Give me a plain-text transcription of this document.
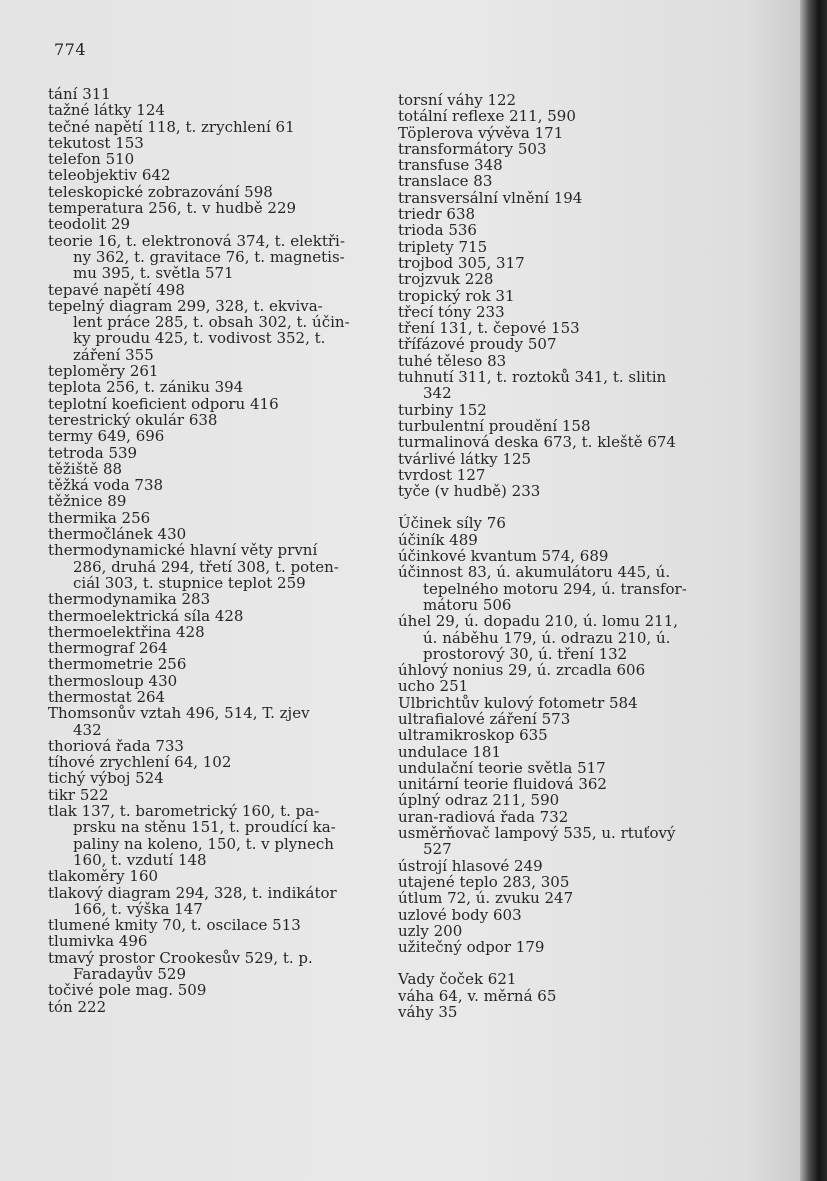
774
tání 311
tažné látky 124
tečné napětí 118, t. zrychlení 61
tekutost 153
telefon 510
teleobjektiv 642
teleskopické zobrazování 598
temperatura 256, t. v hudbě 229
teodolit 29
teorie 16, t. elektronová 374, t. elektři-
ny 362, t. gravitace 76, t. magnetis-
mu 395, t. světla 571
tepavé napětí 498
tepelný diagram 299, 328, t. ekviva-
lent práce 285, t. obsah 302, t. účin-
ky proudu 425, t. vodivost 352, t.
záření 355
teploměry 261
teplota 256, t. zániku 394
teplotní koeficient odporu 416
terestrický okulár 638
termy 649, 696
tetroda 539
těžiště 88
těžká voda 738
těžnice 89
thermika 256
thermočlánek 430
thermodynamické hlavní věty první
286, druhá 294, třetí 308, t. poten-
ciál 303, t. stupnice teplot 259
thermodynamika 283
thermoelektrická síla 428
thermoelektřina 428
thermograf 264
thermometrie 256
thermosloup 430
thermostat 264
Thomsonův vztah 496, 514, T. zjev
432
thoriová řada 733
tíhové zrychlení 64, 102
tichý výboj 524
tikr 522
tlak 137, t. barometrický 160, t. pa-
prsku na stěnu 151, t. proudící ka-
paliny na koleno, 150, t. v plynech
160, t. vzdutí 148
tlakoměry 160
tlakový diagram 294, 328, t. indikátor
166, t. výška 147
tlumené kmity 70, t. oscilace 513
tlumivka 496
tmavý prostor Crookesův 529, t. p.
Faradayův 529
točivé pole mag. 509
tón 222
torsní váhy 122
totální reflexe 211, 590
Töplerova vývěva 171
transformátory 503
transfuse 348
translace 83
transversální vlnění 194
triedr 638
trioda 536
triplety 715
trojbod 305, 317
trojzvuk 228
tropický rok 31
třecí tóny 233
tření 131, t. čepové 153
třífázové proudy 507
tuhé těleso 83
tuhnutí 311, t. roztoků 341, t. slitin
342
turbiny 152
turbulentní proudění 158
turmalinová deska 673, t. kleště 674
tvárlivé látky 125
tvrdost 127
tyče (v hudbě) 233
Účinek síly 76
účiník 489
účinkové kvantum 574, 689
účinnost 83, ú. akumulátoru 445, ú.
tepelného motoru 294, ú. transfor-
mátoru 506
úhel 29, ú. dopadu 210, ú. lomu 211,
ú. náběhu 179, ú. odrazu 210, ú.
prostorový 30, ú. tření 132
úhlový nonius 29, ú. zrcadla 606
ucho 251
Ulbrichtův kulový fotometr 584
ultrafialové záření 573
ultramikroskop 635
undulace 181
undulační teorie světla 517
unitární teorie fluidová 362
úplný odraz 211, 590
uran-radiová řada 732
usměrňovač lampový 535, u. rtuťový
527
ústrojí hlasové 249
utajené teplo 283, 305
útlum 72, ú. zvuku 247
uzlové body 603
uzly 200
užitečný odpor 179
Vady čoček 621
váha 64, v. měrná 65
váhy 35
